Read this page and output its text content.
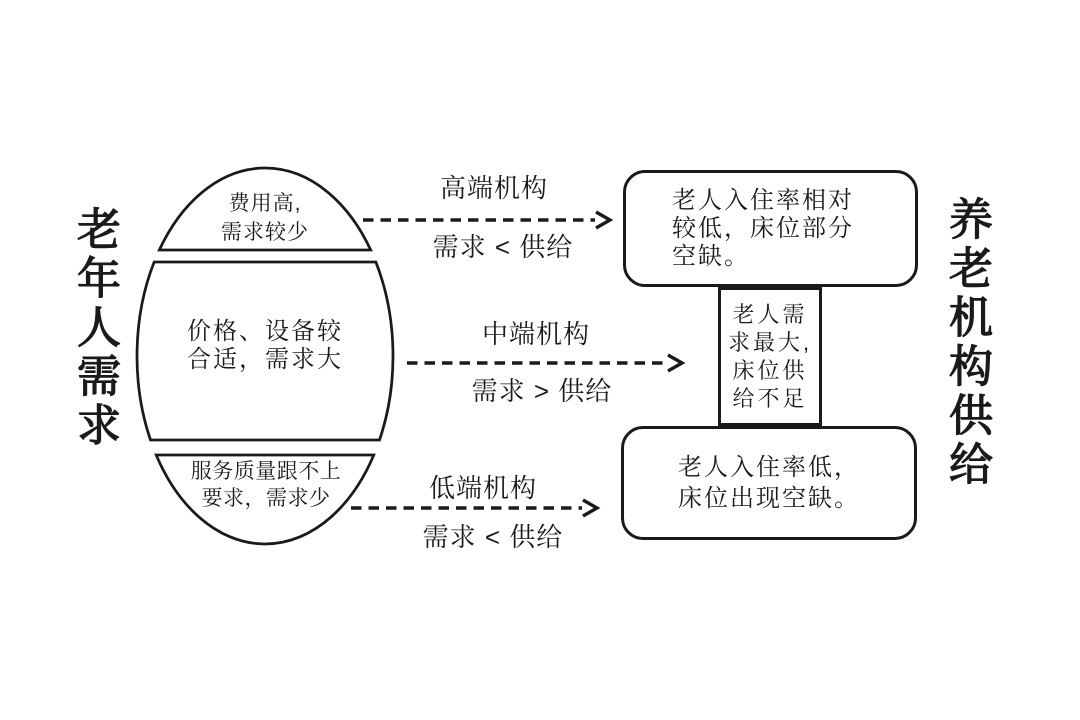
老年人需求	养老机构供给
费用高,
需求较少
价格、设备较
合适，需求大
服务质量跟不上
要求，需求少
高端机构
需求 < 供给
中端机构
需求 > 供给
低端机构
需求 < 供给
老人入住率相对
较低，床位部分
空缺。
老人需
求最大,
床位供
给不足
老人入住率低，
床位出现空缺。
